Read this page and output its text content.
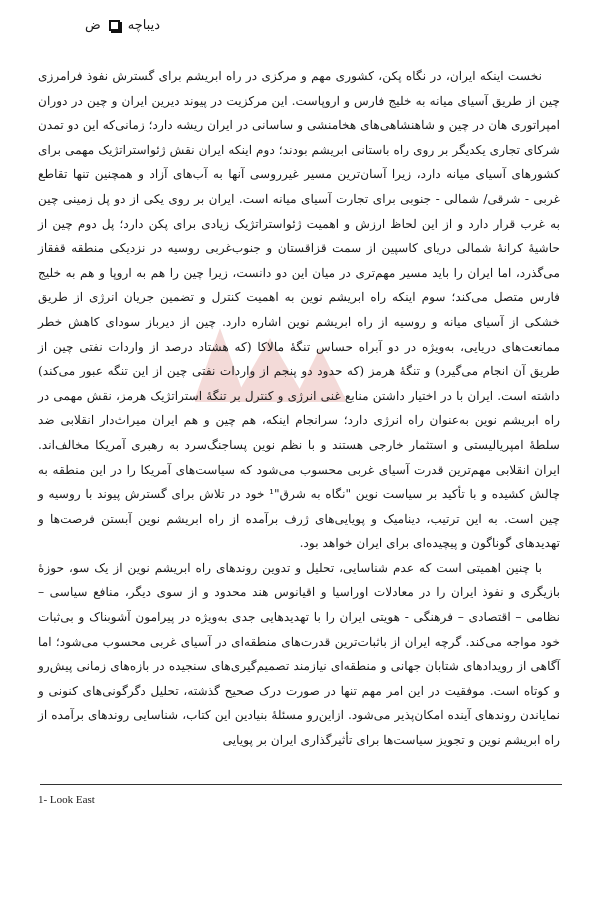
دیباچه
ض

نخست اینکه ایران، در نگاه پکن، کشوری مهم و مرکزی در راه ابریشم برای گسترش نفوذ فرامرزی چین از طریق آسیای میانه به خلیج فارس و اروپاست. این مرکزیت در پیوند دیرین ایران و چین در دوران امپراتوری هان در چین و شاهنشاهی‌های هخامنشی و ساسانی در ایران ریشه دارد؛ زمانی‌که این دو تمدن شرکای تجاری یکدیگر بر روی راه باستانی ابریشم بودند؛ دوم اینکه ایران نقش ژئواستراتژیک مهمی برای کشورهای آسیای میانه دارد، زیرا آسان‌ترین مسیر غیرروسی آنها به آب‌های آزاد و همچنین تنها تقاطع غربی - شرقی/ شمالی - جنوبی برای تجارت آسیای میانه است. ایران بر روی یکی از دو پل زمینی چین به غرب قرار دارد و از این لحاظ ارزش و اهمیت ژئواستراتژیک زیادی برای پکن دارد؛ پل دوم چین از حاشیهٔ کرانهٔ شمالی دریای کاسپین از سمت قزاقستان و جنوب‌غربی روسیه در نزدیکی منطقه قفقاز می‌گذرد، اما ایران را باید مسیر مهم‌تری در میان این دو دانست، زیرا چین را هم به اروپا و هم به خلیج فارس متصل می‌کند؛ سوم اینکه راه ابریشم نوین به اهمیت کنترل و تضمین جریان انرژی از طریق خشکی از آسیای میانه و روسیه از راه ابریشم نوین اشاره دارد. چین از دیرباز سودای کاهش خطر ممانعت‌های دریایی، به‌ویژه در دو آبراه حساس تنگهٔ مالاکا (که هشتاد درصد از واردات نفتی چین از طریق آن انجام می‌گیرد) و تنگهٔ هرمز (که حدود دو پنجم از واردات نفتی چین از این تنگه عبور می‌کند) داشته است. ایران با در اختیار داشتن منابع غنی انرژی و کنترل بر تنگهٔ استراتژیک هرمز، نقش مهمی در راه ابریشم نوین به‌عنوان راه انرژی دارد؛ سرانجام اینکه، هم چین و هم ایران میراث‌دار انقلابی ضد سلطهٔ امپریالیستی و استثمار خارجی هستند و با نظم نوین پساجنگ‌سرد به رهبری آمریکا مخالف‌اند. ایران انقلابی مهم‌ترین قدرت آسیای غربی محسوب می‌شود که سیاست‌های آمریکا را در این منطقه به چالش کشیده و با تأکید بر سیاست نوین "نگاه به شرق"¹ خود در تلاش برای گسترش پیوند با روسیه و چین است. به این ترتیب، دینامیک و پویایی‌های ژرف برآمده از راه ابریشم نوین آبستن فرصت‌ها و تهدیدهای گوناگون و پیچیده‌ای برای ایران خواهد بود.

با چنین اهمیتی است که عدم شناسایی، تحلیل و تدوین روندهای راه ابریشم نوین از یک سو، حوزهٔ بازیگری و نفوذ ایران را در معادلات اوراسیا و اقیانوس هند محدود و از سوی دیگر، منافع سیاسی – نظامی – اقتصادی – فرهنگی - هویتی ایران را با تهدیدهایی جدی به‌ویژه در پیرامون آشوبناک و بی‌ثبات خود مواجه می‌کند. گرچه ایران از باثبات‌ترین قدرت‌های منطقه‌ای در آسیای غربی محسوب می‌شود؛ اما آگاهی از رویدادهای شتابان جهانی و منطقه‌ای نیازمند تصمیم‌گیری‌های سنجیده در بازه‌های زمانی پیش‌رو و کوتاه است. موفقیت در این امر مهم تنها در صورت درک صحیح گذشته، تحلیل دگرگونی‌های کنونی و نمایاندن روندهای آینده امکان‌پذیر می‌شود. ازاین‌رو مسئلهٔ بنیادین این کتاب، شناسایی روندهای برآمده از راه ابریشم نوین و تجویز سیاست‌ها برای تأثیرگذاری ایران بر پویایی

1- Look East
